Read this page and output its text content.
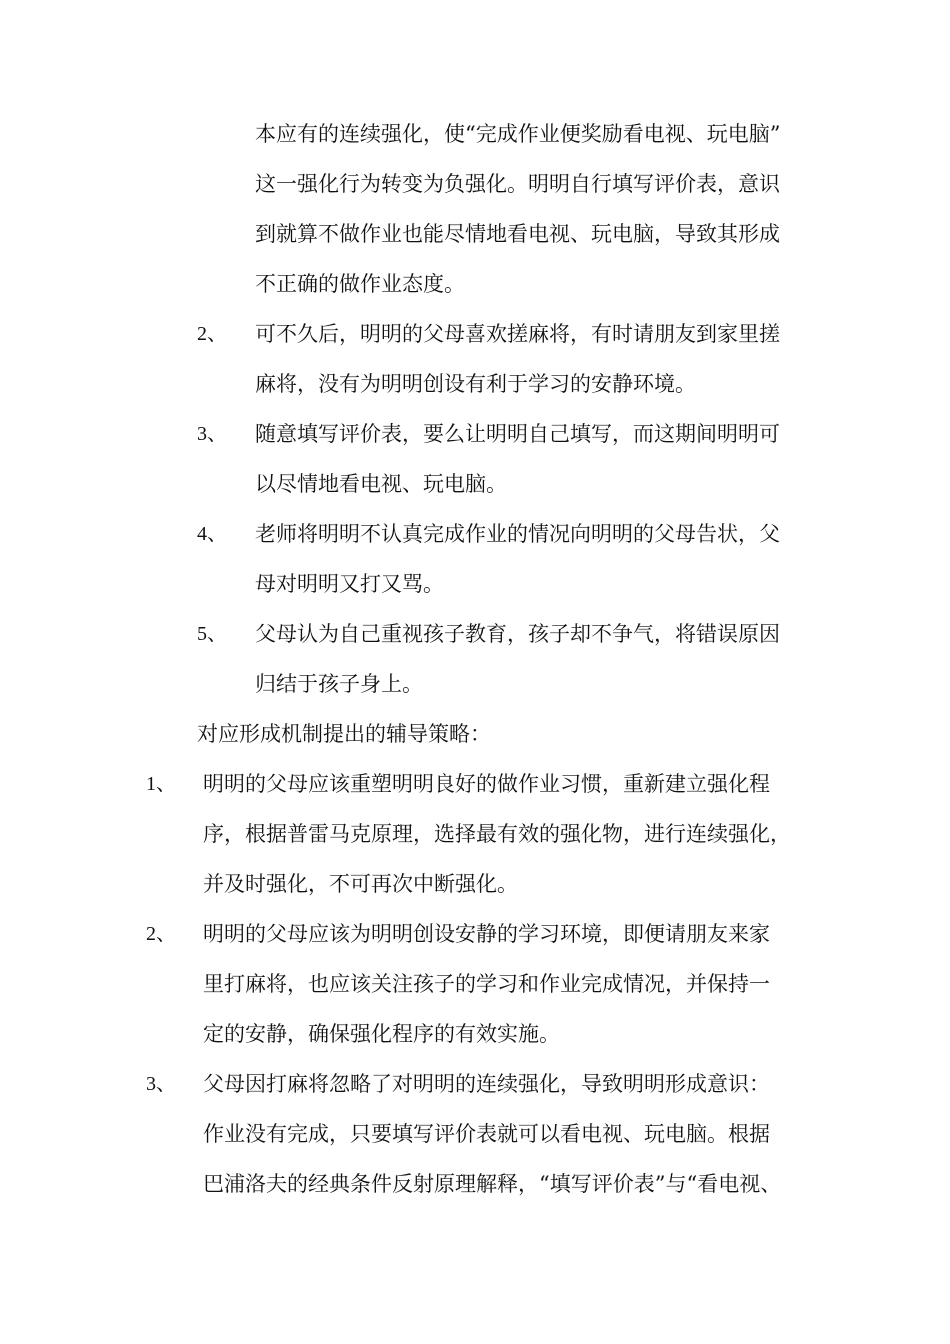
本应有的连续强化，使“完成作业便奖励看电视、玩电脑”
这一强化行为转变为负强化。明明自行填写评价表，意识
到就算不做作业也能尽情地看电视、玩电脑，导致其形成
不正确的做作业态度。
2、 可不久后，明明的父母喜欢搓麻将，有时请朋友到家里搓
麻将，没有为明明创设有利于学习的安静环境。
3、 随意填写评价表，要么让明明自己填写，而这期间明明可
以尽情地看电视、玩电脑。
4、 老师将明明不认真完成作业的情况向明明的父母告状，父
母对明明又打又骂。
5、 父母认为自己重视孩子教育，孩子却不争气，将错误原因
归结于孩子身上。
对应形成机制提出的辅导策略：
1、 明明的父母应该重塑明明良好的做作业习惯，重新建立强化程
序，根据普雷马克原理，选择最有效的强化物，进行连续强化，
并及时强化，不可再次中断强化。
2、 明明的父母应该为明明创设安静的学习环境，即便请朋友来家
里打麻将，也应该关注孩子的学习和作业完成情况，并保持一
定的安静，确保强化程序的有效实施。
3、 父母因打麻将忽略了对明明的连续强化，导致明明形成意识：
作业没有完成，只要填写评价表就可以看电视、玩电脑。根据
巴浦洛夫的经典条件反射原理解释，“填写评价表”与“看电视、
